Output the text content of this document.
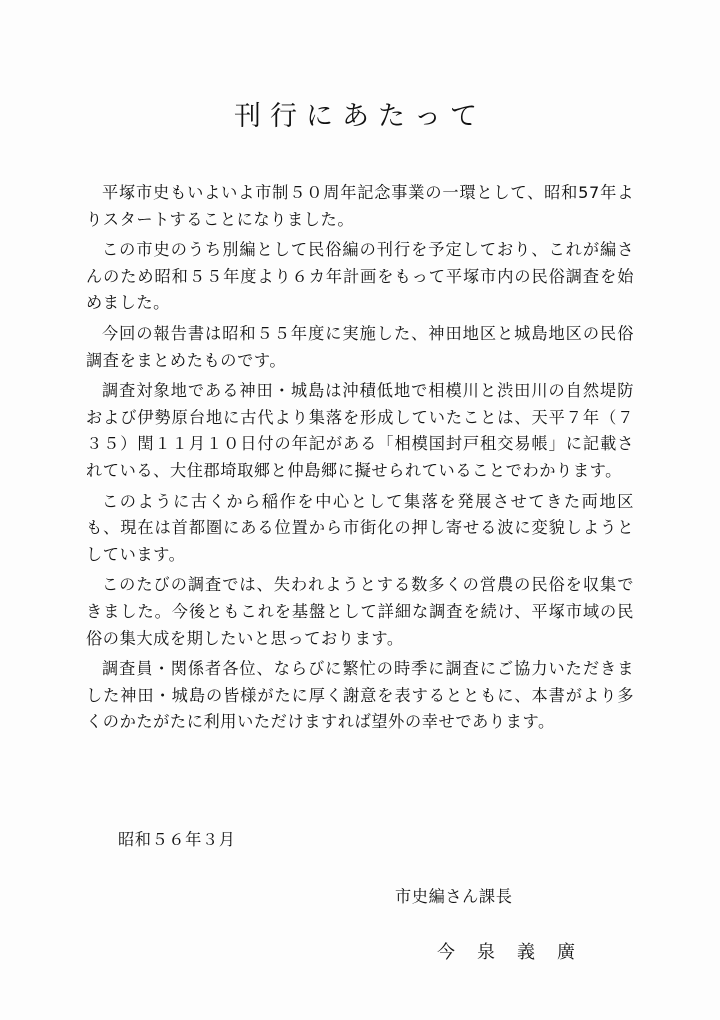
刊行にあたって

平塚市史もいよいよ市制５０周年記念事業の一環として、昭和57年よりスタートすることになりました。

この市史のうち別編として民俗編の刊行を予定しており、これが編さんのため昭和５５年度より６カ年計画をもって平塚市内の民俗調査を始めました。

今回の報告書は昭和５５年度に実施した、神田地区と城島地区の民俗調査をまとめたものです。

調査対象地である神田・城島は沖積低地で相模川と渋田川の自然堤防および伊勢原台地に古代より集落を形成していたことは、天平７年（７３５）閏１１月１０日付の年記がある「相模国封戸租交易帳」に記載されている、大住郡埼取郷と仲島郷に擬せられていることでわかります。

このように古くから稲作を中心として集落を発展させてきた両地区も、現在は首都圏にある位置から市街化の押し寄せる波に変貌しようとしています。

このたびの調査では、失われようとする数多くの営農の民俗を収集できました。今後ともこれを基盤として詳細な調査を続け、平塚市域の民俗の集大成を期したいと思っております。

調査員・関係者各位、ならびに繁忙の時季に調査にご協力いただきました神田・城島の皆様がたに厚く謝意を表するとともに、本書がより多くのかたがたに利用いただけますれば望外の幸せであります。

昭和５６年３月
市史編さん課長
今泉義廣
